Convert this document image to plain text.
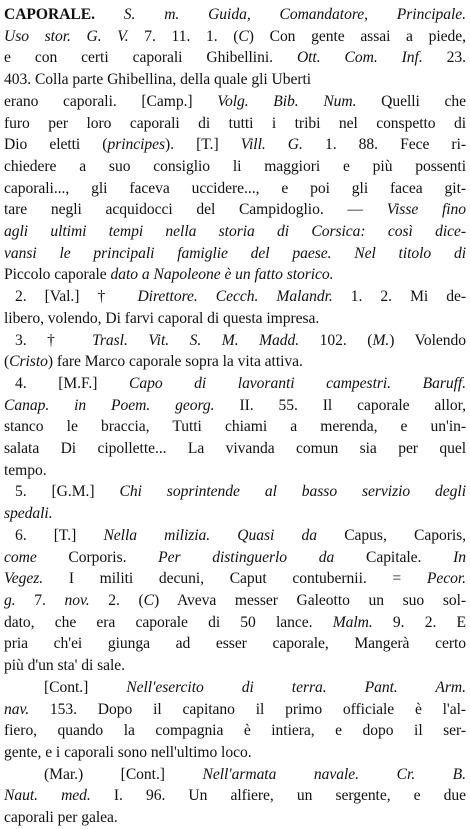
CAPORALE. S. m. Guida, Comandatore, Principale.
Uso stor. G. V. 7. 11. 1. (C) Con gente assai a piede,
e con certi caporali Ghibellini. Ott. Com. Inf. 23.
403. Colla parte Ghibellina, della quale gli Uberti
erano caporali. [Camp.] Volg. Bib. Num. Quelli che
furo per loro caporali di tutti i tribi nel conspetto di
Dio eletti (principes). [T.] Vill. G. 1. 88. Fece ri-
chiedere a suo consiglio li maggiori e più possenti
caporali..., gli faceva uccidere..., e poi gli facea git-
tare negli acquidocci del Campidoglio. — Visse fino
agli ultimi tempi nella storia di Corsica: così dice-
vansi le principali famiglie del paese. Nel titolo di
Piccolo caporale dato a Napoleone è un fatto storico.
2. [Val.] † Direttore. Cecch. Malandr. 1. 2. Mi de-
libero, volendo, Di farvi caporal di questa impresa.
3. † Trasl. Vit. S. M. Madd. 102. (M.) Volendo
(Cristo) fare Marco caporale sopra la vita attiva.
4. [M.F.] Capo di lavoranti campestri. Baruff.
Canap. in Poem. georg. II. 55. Il caporale allor,
stanco le braccia, Tutti chiami a merenda, e un'in-
salata Di cipollette... La vivanda comun sia per quel
tempo.
5. [G.M.] Chi soprintende al basso servizio degli
spedali.
6. [T.] Nella milizia. Quasi da Capus, Caporis,
come Corporis. Per distinguerlo da Capitale. In
Vegez. I militi decuni, Caput contubernii. = Pecor.
g. 7. nov. 2. (C) Aveva messer Galeotto un suo sol-
dato, che era caporale di 50 lance. Malm. 9. 2. E
pria ch'ei giunga ad esser caporale, Mangerà certo
più d'un sta' di sale.
[Cont.] Nell'esercito di terra. Pant. Arm.
nav. 153. Dopo il capitano il primo officiale è l'al-
fiero, quando la compagnia è intiera, e dopo il ser-
gente, e i caporali sono nell'ultimo loco.
(Mar.) [Cont.] Nell'armata navale. Cr. B.
Naut. med. I. 96. Un alfiere, un sergente, e due
caporali per galea.
